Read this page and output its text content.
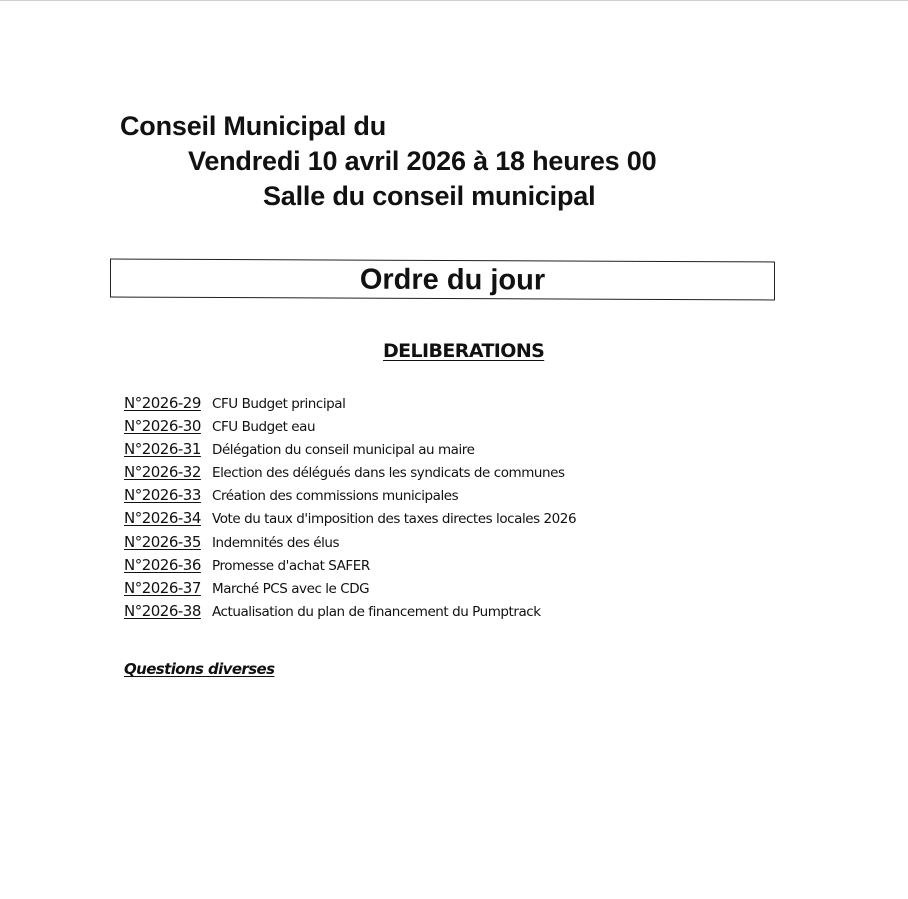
Conseil Municipal du
Vendredi 10 avril 2026 à 18 heures 00
Salle du conseil municipal
Ordre du jour
DELIBERATIONS
N°2026-29 CFU Budget principal
N°2026-30 CFU Budget eau
N°2026-31 Délégation du conseil municipal au maire
N°2026-32 Election des délégués dans les syndicats de communes
N°2026-33 Création des commissions municipales
N°2026-34 Vote du taux d'imposition des taxes directes locales 2026
N°2026-35 Indemnités des élus
N°2026-36 Promesse d'achat SAFER
N°2026-37 Marché PCS avec le CDG
N°2026-38 Actualisation du plan de financement du Pumptrack
Questions diverses
